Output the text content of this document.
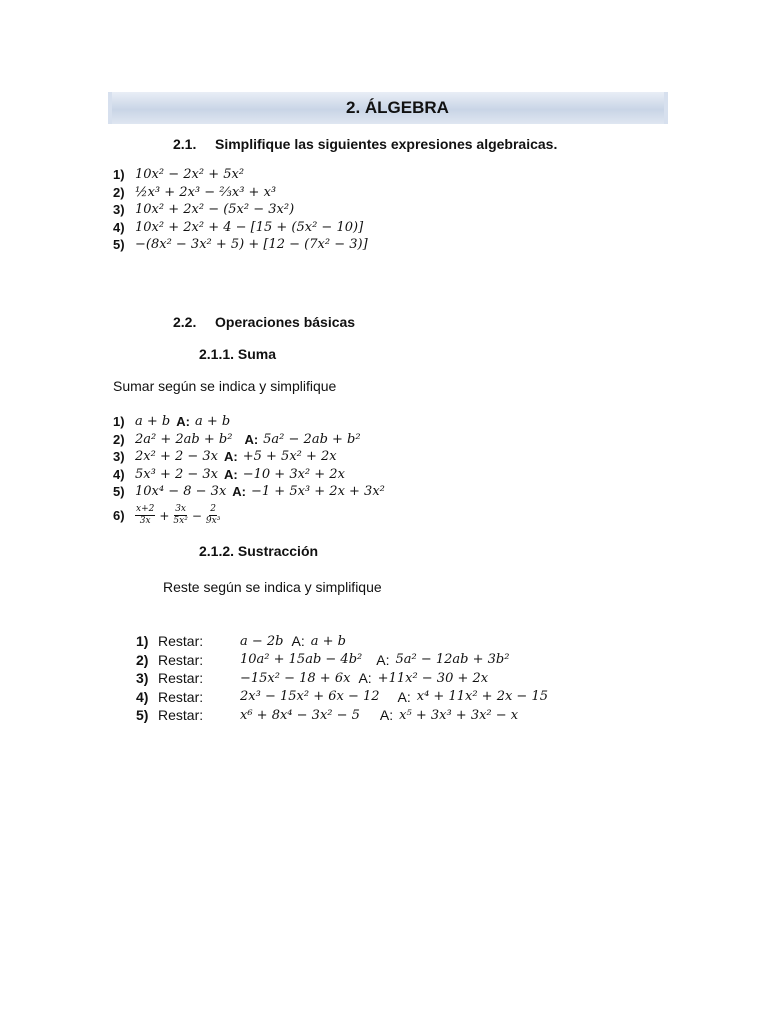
2. ÁLGEBRA
2.1. Simplifique las siguientes expresiones algebraicas.
1) 10x² − 2x² + 5x²
2) ½x³ + 2x³ − ⅔x³ + x³
3) 10x² + 2x² − (5x² − 3x²)
4) 10x² + 2x² + 4 − [15 + (5x² − 10)]
5) −(8x² − 3x² + 5) + [12 − (7x² − 3)]
2.2. Operaciones básicas
2.1.1. Suma
Sumar según se indica y simplifique
1) a + b A: a + b
2) 2a² + 2ab + b² A: 5a² − 2ab + b²
3) 2x² + 2 − 3x A: +5 + 5x² + 2x
4) 5x³ + 2 − 3x A: −10 + 3x² + 2x
5) 10x⁴ − 8 − 3x A: −1 + 5x³ + 2x + 3x²
6)	$\frac{x+2}{3x} + \frac{3x}{\text{5x²}} - \frac{2}{\text{9x³}}$
2.1.2. Sustracción
Reste según se indica y simplifique
1) Restar:	a − 2b A: a + b
2) Restar:	10a² + 15ab − 4b² A: 5a² − 12ab + 3b²
3) Restar:	−15x² − 18 + 6x A: +11x² − 30 + 2x
4) Restar:	2x³ − 15x² + 6x − 12 A: x⁴ + 11x² + 2x − 15
5) Restar:	x⁶ + 8x⁴ − 3x² − 5 A: x⁵ + 3x³ + 3x² − x
